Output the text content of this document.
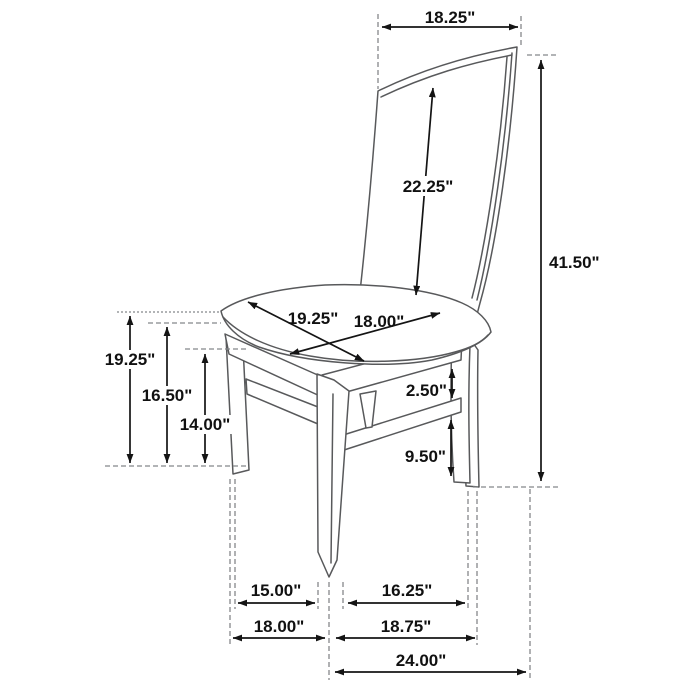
18.25"
22.25"
41.50"
19.25" 18.00"
19.25"
16.50"
14.00"
2.50"
9.50"
15.00"	16.25"
18.00"	18.75"
24.00"
